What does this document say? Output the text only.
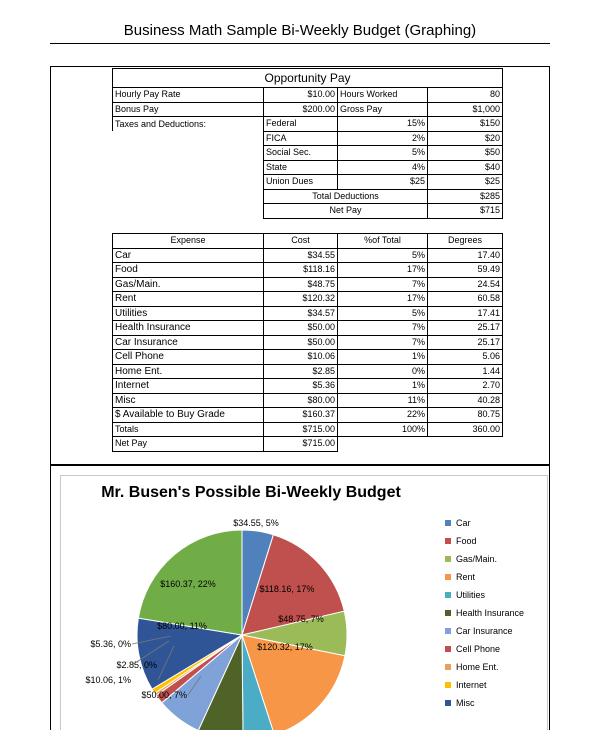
Business Math Sample Bi-Weekly Budget (Graphing)
Opportunity Pay			
Hourly Pay Rate	$10.00	Hours Worked	80
Bonus Pay	$200.00	Gross Pay	$1,000
Taxes and Deductions:	Federal	15%	$150
	FICA	2%	$20
	Social Sec.	5%	$50
	State	4%	$40
	Union Dues	$25	$25
	Total Deductions		$285
	Net Pay		$715
Expense	Cost	%of Total	Degrees
Car	$34.55	5%	17.40
Food	$118.16	17%	59.49
Gas/Main.	$48.75	7%	24.54
Rent	$120.32	17%	60.58
Utilities	$34.57	5%	17.41
Health Insurance	$50.00	7%	25.17
Car Insurance	$50.00	7%	25.17
Cell Phone	$10.06	1%	5.06
Home Ent.	$2.85	0%	1.44
Internet	$5.36	1%	2.70
Misc	$80.00	11%	40.28
$ Available to Buy Grade	$160.37	22%	80.75
Totals	$715.00	100%	360.00
Net Pay	$715.00		
Mr. Busen's Possible Bi-Weekly Budget
$34.55, 5%
$118.16, 17%
$48.75, 7%
$120.32, 17%
$50.00, 7%
$10.06, 1%
$2.85, 0%
$5.36, 0%
$80.00, 11%
$160.37, 22%
Car
Food
Gas/Main.
Rent
Utilities
Health Insurance
Car Insurance
Cell Phone
Home Ent.
Internet
Misc
